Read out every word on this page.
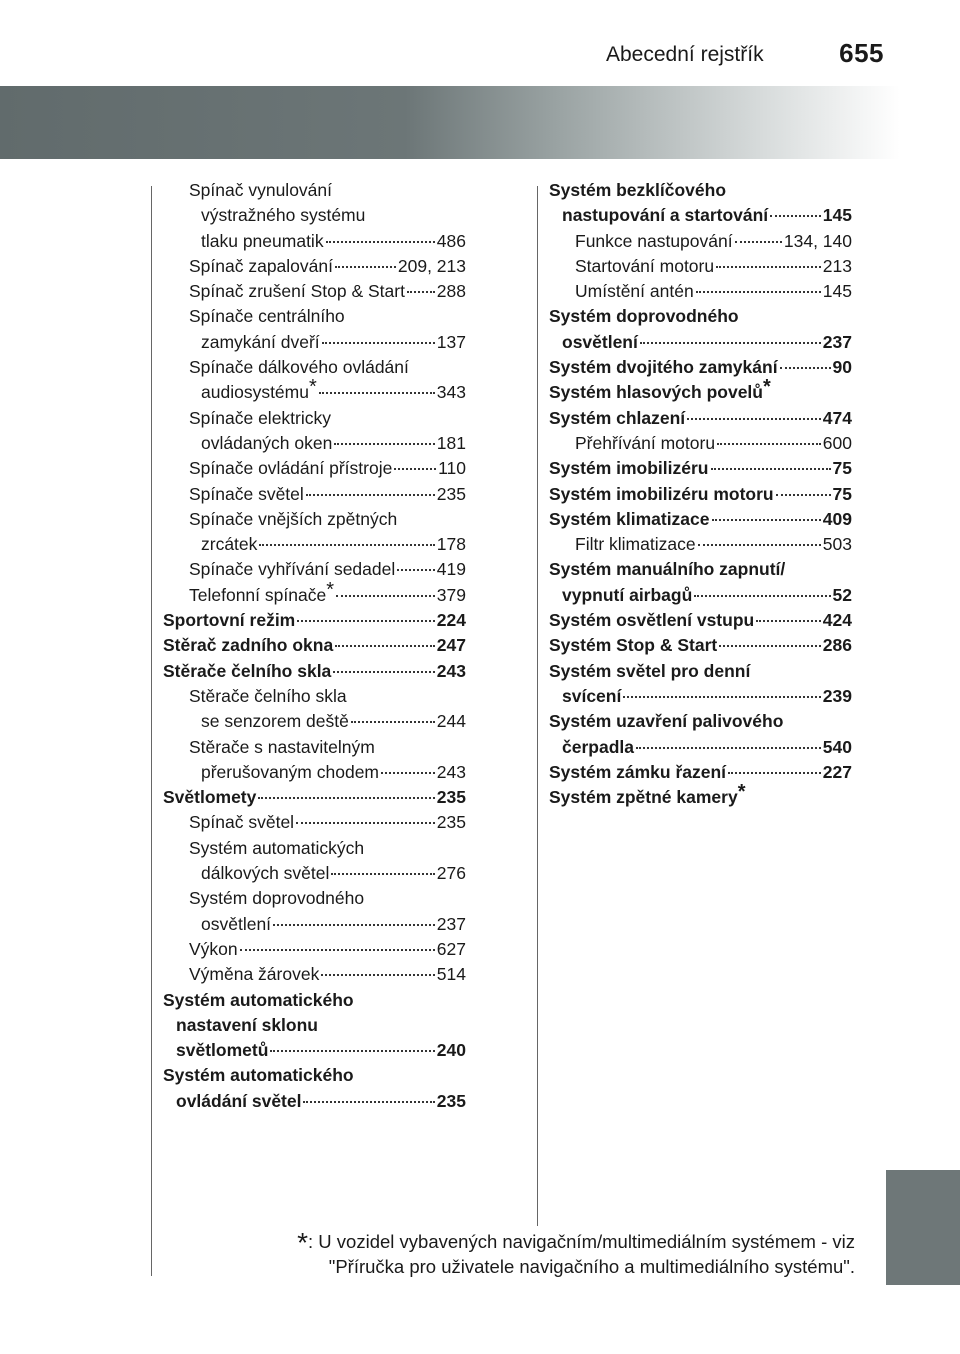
655
Abecední rejstřík
Spínač vynulování
výstražného systému
tlaku pneumatik	486
Spínač zapalování	209, 213
Spínač zrušení Stop & Start 288
Spínače centrálního
zamykání dveří	137
Spínače dálkového ovládání
audiosystému*	343
Spínače elektricky
ovládaných oken	181
Spínače ovládání přístroje	110
Spínače světel	235
Spínače vnějších zpětných
zrcátek	178
Spínače vyhřívání sedadel 419
Telefonní spínače*	379
Sportovní režim	224
Stěrač zadního okna	247
Stěrače čelního skla	243
Stěrače čelního skla
se senzorem deště	244
Stěrače s nastavitelným
přerušovaným chodem	243
Světlomety	235
Spínač světel	235
Systém automatických
dálkových světel	276
Systém doprovodného
osvětlení	237
Výkon	627
Výměna žárovek	514
Systém automatického
nastavení sklonu
světlometů	240
Systém automatického
ovládání světel	235
Systém bezklíčového
nastupování a startování	145
Funkce nastupování	134, 140
Startování motoru	213
Umístění antén	145
Systém doprovodného
osvětlení	237
Systém dvojitého zamykání	90
Systém hlasových povelů*
Systém chlazení	474
Přehřívání motoru	600
Systém imobilizéru	75
Systém imobilizéru motoru	75
Systém klimatizace	409
Filtr klimatizace	503
Systém manuálního zapnutí/
vypnutí airbagů	52
Systém osvětlení vstupu	424
Systém Stop & Start	286
Systém světel pro denní
svícení	239
Systém uzavření palivového
čerpadla	540
Systém zámku řazení	227
Systém zpětné kamery*
*: U vozidel vybavených navigačním/multimediálním systémem - viz
"Příručka pro uživatele navigačního a multimediálního systému".
